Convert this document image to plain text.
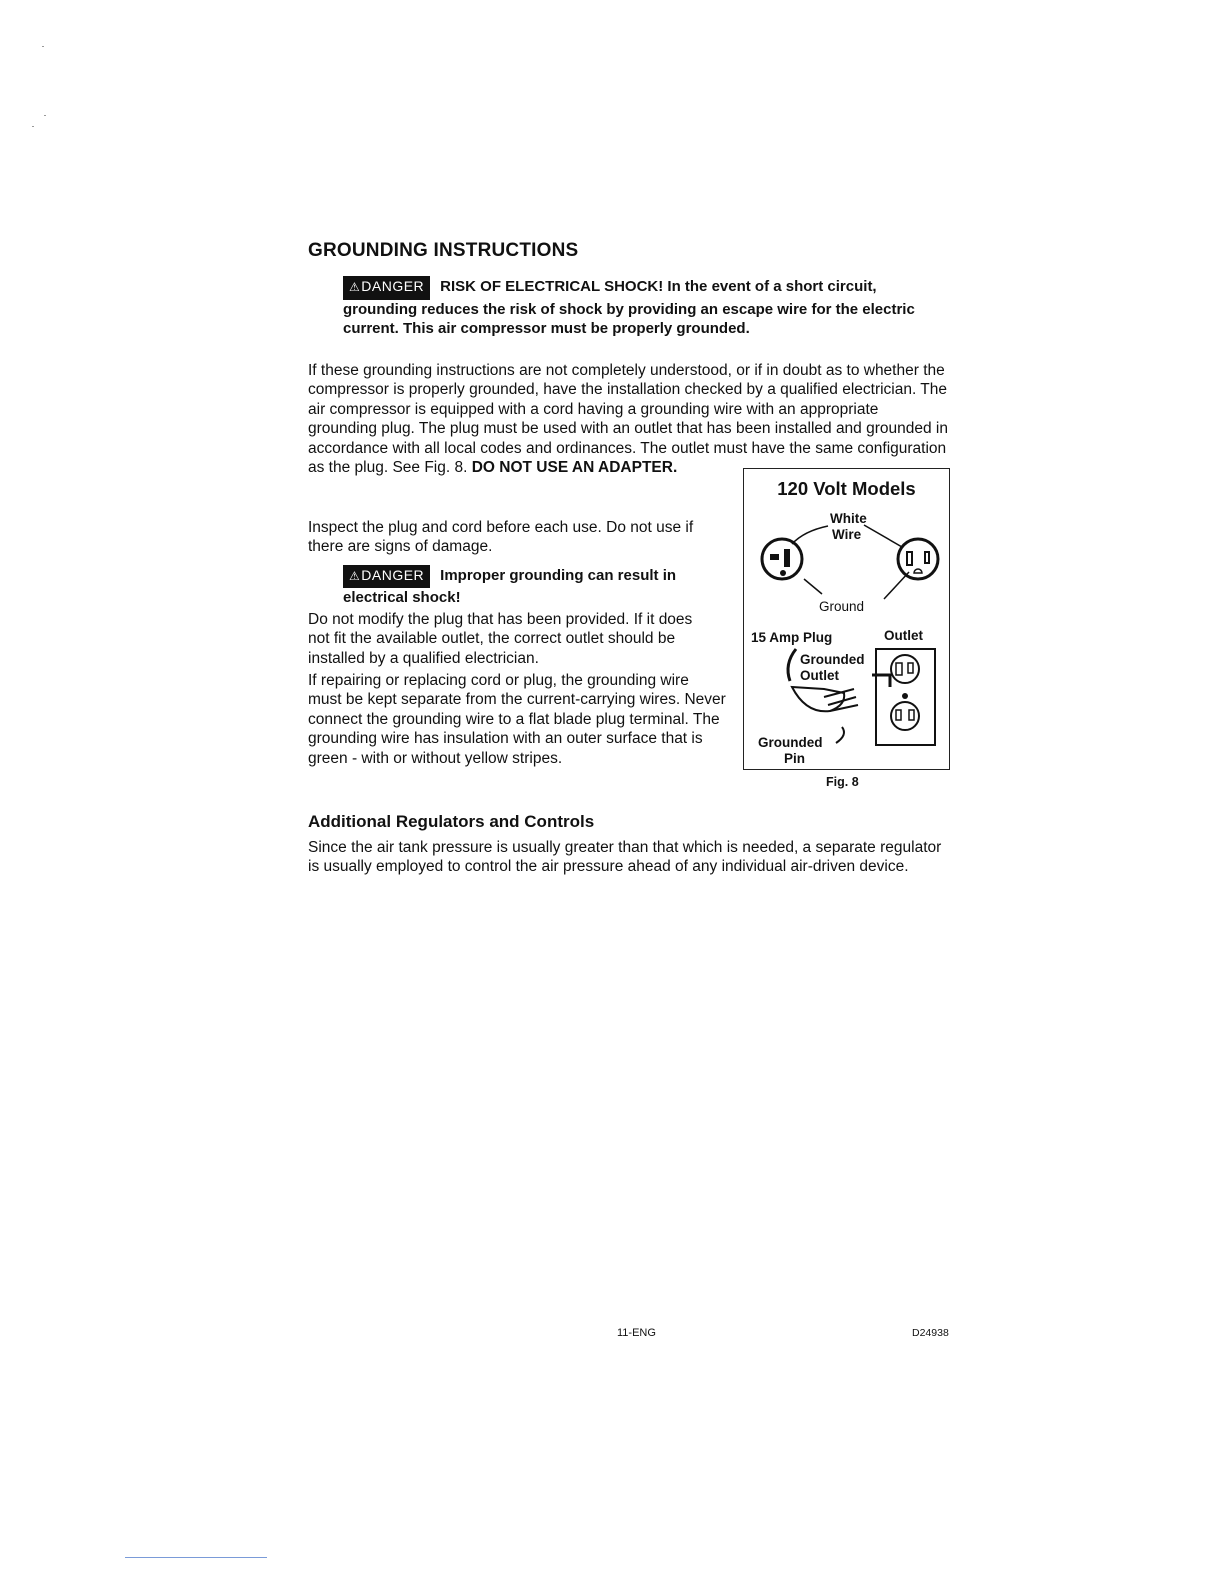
GROUNDING INSTRUCTIONS
⚠DANGER RISK OF ELECTRICAL SHOCK! In the event of a short circuit, grounding reduces the risk of shock by providing an escape wire for the electric current. This air compressor must be properly grounded.

If these grounding instructions are not completely understood, or if in doubt as to whether the compressor is properly grounded, have the installation checked by a qualified electrician. The air compressor is equipped with a cord having a grounding wire with an appropriate grounding plug. The plug must be used with an outlet that has been installed and grounded in accordance with all local codes and ordinances. The outlet must have the same configuration as the plug. See Fig. 8. DO NOT USE AN ADAPTER.

Inspect the plug and cord before each use. Do not use if there are signs of damage.

⚠DANGER Improper grounding can result in electrical shock!

Do not modify the plug that has been provided. If it does not fit the available outlet, the correct outlet should be installed by a qualified electrician.

If repairing or replacing cord or plug, the grounding wire must be kept separate from the current-carrying wires. Never connect the grounding wire to a flat blade plug terminal. The grounding wire has insulation with an outer surface that is green - with or without yellow stripes.

120 Volt Models
White
Wire
Ground
15 Amp Plug	Outlet
Grounded
Outlet
Grounded
Pin
Fig. 8
Additional Regulators and Controls

Since the air tank pressure is usually greater than that which is needed, a separate regulator is usually employed to control the air pressure ahead of any individual air-driven device.

11-ENG	D24938
